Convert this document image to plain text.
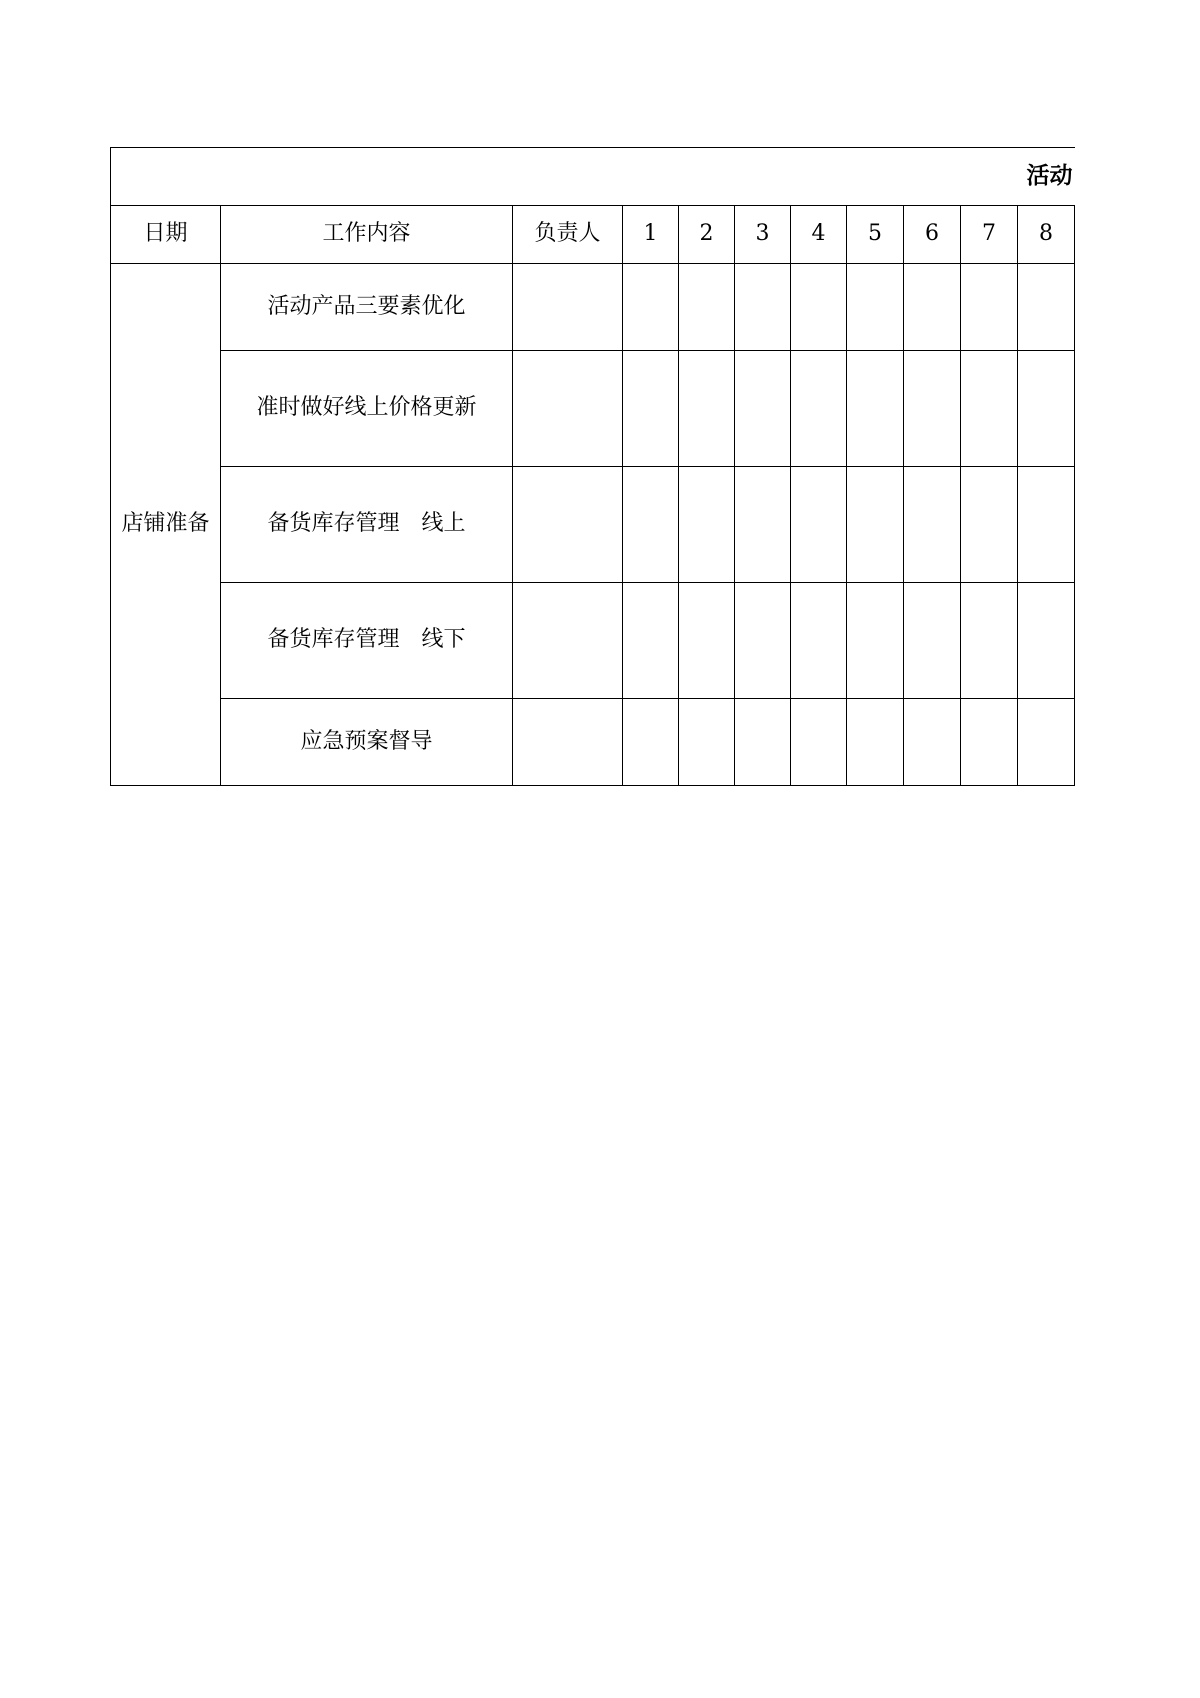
活动										
日期	工作内容	负责人	1	2	3	4	5	6	7	8
店铺准备	活动产品三要素优化									
	准时做好线上价格更新									
	备货库存管理　线上									
	备货库存管理　线下									
	应急预案督导									
